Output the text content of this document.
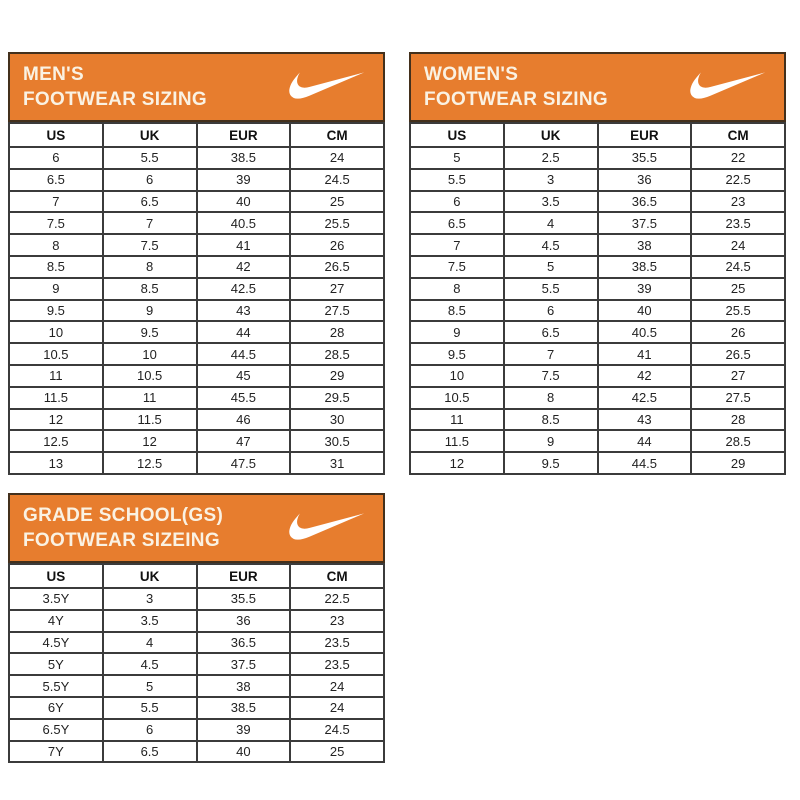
MEN'S
FOOTWEAR SIZING
US	UK	EUR	CM
6	5.5	38.5	24
6.5	6	39	24.5
7	6.5	40	25
7.5	7	40.5	25.5
8	7.5	41	26
8.5	8	42	26.5
9	8.5	42.5	27
9.5	9	43	27.5
10	9.5	44	28
10.5	10	44.5	28.5
11	10.5	45	29
11.5	11	45.5	29.5
12	11.5	46	30
12.5	12	47	30.5
13	12.5	47.5	31
WOMEN'S
FOOTWEAR SIZING
US	UK	EUR	CM
5	2.5	35.5	22
5.5	3	36	22.5
6	3.5	36.5	23
6.5	4	37.5	23.5
7	4.5	38	24
7.5	5	38.5	24.5
8	5.5	39	25
8.5	6	40	25.5
9	6.5	40.5	26
9.5	7	41	26.5
10	7.5	42	27
10.5	8	42.5	27.5
11	8.5	43	28
11.5	9	44	28.5
12	9.5	44.5	29
GRADE SCHOOL(GS)
FOOTWEAR SIZEING
US	UK	EUR	CM
3.5Y	3	35.5	22.5
4Y	3.5	36	23
4.5Y	4	36.5	23.5
5Y	4.5	37.5	23.5
5.5Y	5	38	24
6Y	5.5	38.5	24
6.5Y	6	39	24.5
7Y	6.5	40	25
